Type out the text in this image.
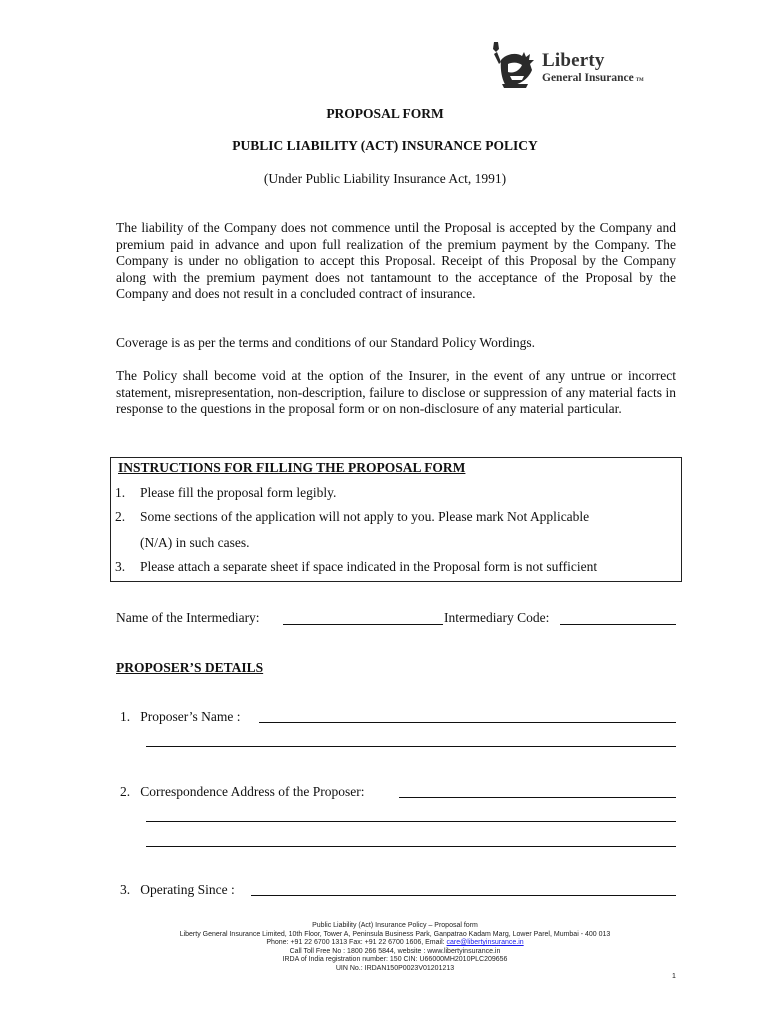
Liberty
General Insurance TM
PROPOSAL FORM
PUBLIC LIABILITY (ACT) INSURANCE POLICY
(Under Public Liability Insurance Act, 1991)
The liability of the Company does not commence until the Proposal is accepted by the Company and premium paid in advance and upon full realization of the premium payment by the Company. The Company is under no obligation to accept this Proposal. Receipt of this Proposal by the Company along with the premium payment does not tantamount to the acceptance of the Proposal by the Company and does not result in a concluded contract of insurance.
Coverage is as per the terms and conditions of our Standard Policy Wordings.
The Policy shall become void at the option of the Insurer, in the event of any untrue or incorrect statement, misrepresentation, non-description, failure to disclose or suppression of any material facts in response to the questions in the proposal form or on non-disclosure of any material particular.
INSTRUCTIONS FOR FILLING THE PROPOSAL FORM
1. Please fill the proposal form legibly.
2. Some sections of the application will not apply to you. Please mark Not Applicable
(N/A) in such cases.
3. Please attach a separate sheet if space indicated in the Proposal form is not sufficient
Name of the Intermediary:	Intermediary Code:
PROPOSER’S DETAILS
1. Proposer’s Name :
2. Correspondence Address of the Proposer:
3. Operating Since :
Public Liability (Act) Insurance Policy – Proposal form
Liberty General Insurance Limited, 10th Floor, Tower A, Peninsula Business Park, Ganpatrao Kadam Marg, Lower Parel, Mumbai - 400 013
Phone: +91 22 6700 1313 Fax: +91 22 6700 1606, Email: care@libertyinsurance.in
Call Toll Free No : 1800 266 5844, website : www.libertyinsurance.in
IRDA of India registration number: 150 CIN: U66000MH2010PLC209656
UIN No.: IRDAN150P0023V01201213
1
